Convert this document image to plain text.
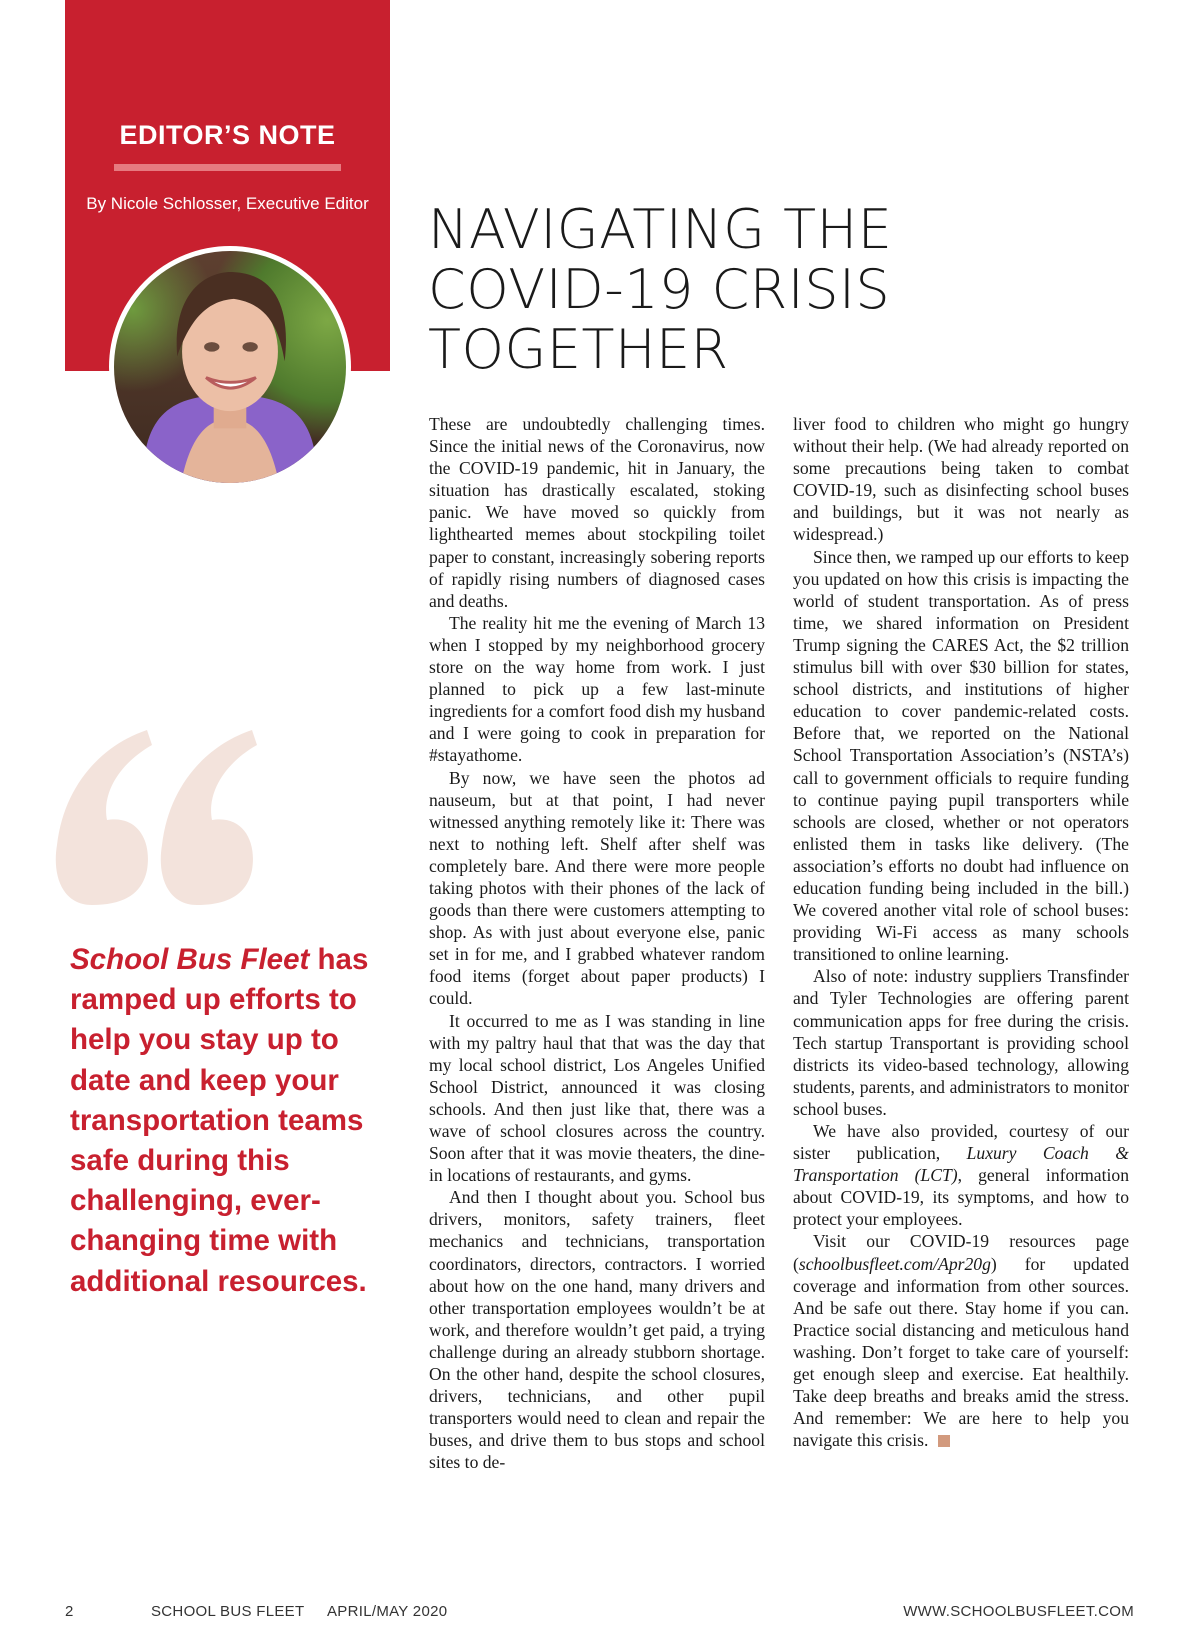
EDITOR’S NOTE
By Nicole Schlosser, Executive Editor
School Bus Fleet has ramped up efforts to help you stay up to date and keep your transportation teams safe during this challenging, ever-changing time with additional resources.
NAVIGATING THE
COVID-19 CRISIS
TOGETHER

These are undoubtedly challenging times. Since the initial news of the Coronavirus, now the COVID-19 pandemic, hit in January, the situation has drastically escalated, stoking panic. We have moved so quickly from lighthearted memes about stockpiling toilet paper to constant, increasingly sobering reports of rapidly rising numbers of diagnosed cases and deaths.

The reality hit me the evening of March 13 when I stopped by my neighborhood grocery store on the way home from work. I just planned to pick up a few last-minute ingredients for a comfort food dish my husband and I were going to cook in preparation for #stayathome.

By now, we have seen the photos ad nauseum, but at that point, I had never witnessed anything remotely like it: There was next to nothing left. Shelf after shelf was completely bare. And there were more people taking photos with their phones of the lack of goods than there were customers attempting to shop. As with just about everyone else, panic set in for me, and I grabbed whatever random food items (forget about paper products) I could.

It occurred to me as I was standing in line with my paltry haul that that was the day that my local school district, Los Angeles Unified School District, announced it was closing schools. And then just like that, there was a wave of school closures across the country. Soon after that it was movie theaters, the dine-in locations of restaurants, and gyms.

And then I thought about you. School bus drivers, monitors, safety trainers, fleet mechanics and technicians, transportation coordinators, directors, contractors. I worried about how on the one hand, many drivers and other transportation employees wouldn’t be at work, and therefore wouldn’t get paid, a trying challenge during an already stubborn shortage. On the other hand, despite the school closures, drivers, technicians, and other pupil transporters would need to clean and repair the buses, and drive them to bus stops and school sites to de-

liver food to children who might go hungry without their help. (We had already reported on some precautions being taken to combat COVID-19, such as disinfecting school buses and buildings, but it was not nearly as widespread.)

Since then, we ramped up our efforts to keep you updated on how this crisis is impacting the world of student transportation. As of press time, we shared information on President Trump signing the CARES Act, the $2 trillion stimulus bill with over $30 billion for states, school districts, and institutions of higher education to cover pandemic-related costs. Before that, we reported on the National School Transportation Association’s (NSTA’s) call to government officials to require funding to continue paying pupil transporters while schools are closed, whether or not operators enlisted them in tasks like delivery. (The association’s efforts no doubt had influence on education funding being included in the bill.) We covered another vital role of school buses: providing Wi-Fi access as many schools transitioned to online learning.

Also of note: industry suppliers Transfinder and Tyler Technologies are offering parent communication apps for free during the crisis. Tech startup Transportant is providing school districts its video-based technology, allowing students, parents, and administrators to monitor school buses.

We have also provided, courtesy of our sister publication, Luxury Coach & Transportation (LCT), general information about COVID-19, its symptoms, and how to protect your employees.

Visit our COVID-19 resources page (schoolbusfleet.com/Apr20g) for updated coverage and information from other sources. And be safe out there. Stay home if you can. Practice social distancing and meticulous hand washing. Don’t forget to take care of yourself: get enough sleep and exercise. Eat healthily. Take deep breaths and breaks amid the stress. And remember: We are here to help you navigate this crisis.

2	SCHOOL BUS FLEET APRIL/MAY 2020	WWW.SCHOOLBUSFLEET.COM
